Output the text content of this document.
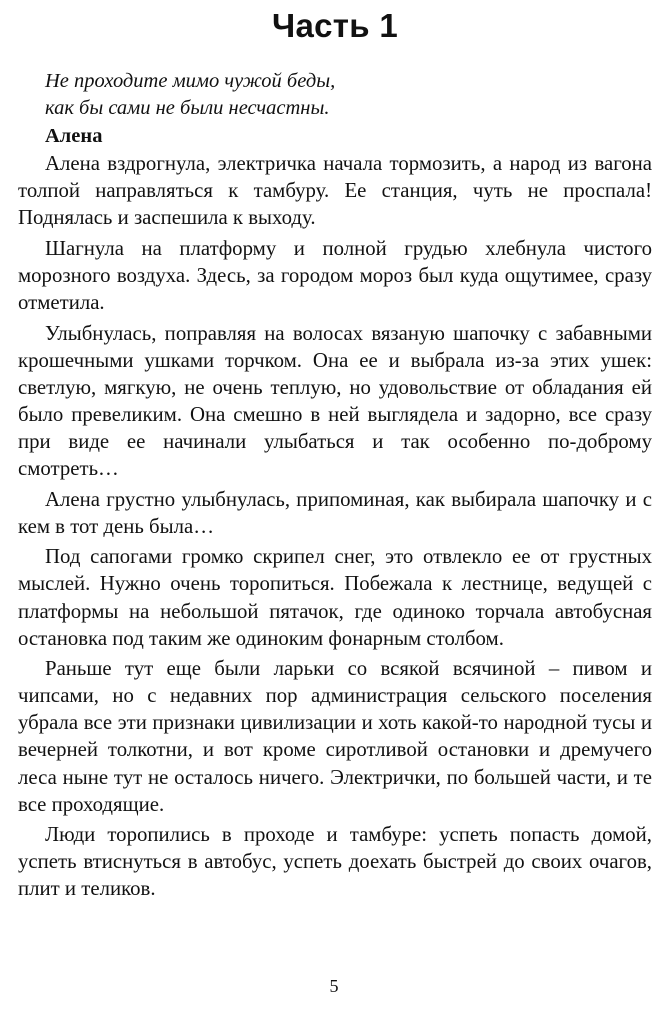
Часть 1
Не проходите мимо чужой беды,
как бы сами не были несчастны.
Алена

Алена вздрогнула, электричка начала тормозить, а народ из вагона толпой направляться к тамбуру. Ее станция, чуть не проспала! Поднялась и заспешила к выходу.

Шагнула на платформу и полной грудью хлебнула чистого морозного воздуха. Здесь, за городом мороз был куда ощутимее, сразу отметила.

Улыбнулась, поправляя на волосах вязаную шапочку с забавными крошечными ушками торчком. Она ее и выбрала из-за этих ушек: светлую, мягкую, не очень теплую, но удовольствие от обладания ей было превеликим. Она смешно в ней выглядела и задорно, все сразу при виде ее начинали улыбаться и так особенно по-доброму смотреть…

Алена грустно улыбнулась, припоминая, как выбирала шапочку и с кем в тот день была…

Под сапогами громко скрипел снег, это отвлекло ее от грустных мыслей. Нужно очень торопиться. Побежала к лестнице, ведущей с платформы на небольшой пятачок, где одиноко торчала автобусная остановка под таким же одиноким фонарным столбом.

Раньше тут еще были ларьки со всякой всячиной – пивом и чипсами, но с недавних пор администрация сельского поселения убрала все эти признаки цивилизации и хоть какой-то народной тусы и вечерней толкотни, и вот кроме сиротливой остановки и дремучего леса ныне тут не осталось ничего. Электрички, по большей части, и те все проходящие.

Люди торопились в проходе и тамбуре: успеть попасть домой, успеть втиснуться в автобус, успеть доехать быстрей до своих очагов, плит и теликов.

5
